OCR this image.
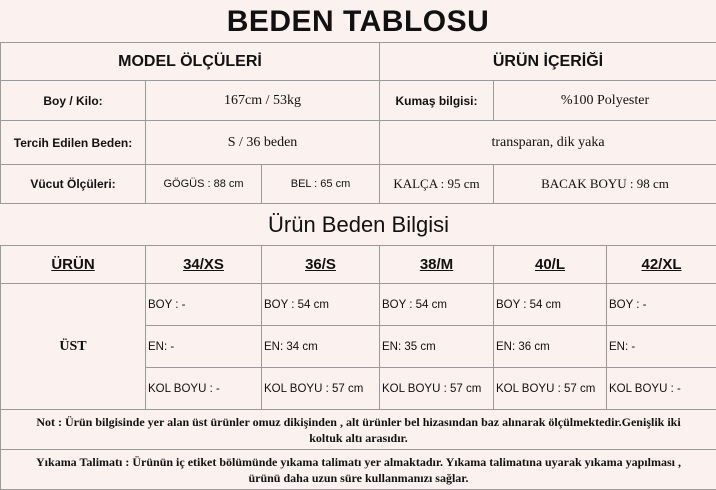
BEDEN TABLOSU
MODEL ÖLÇÜLERİ			ÜRÜN İÇERİĞİ		
Boy / Kilo:	167cm / 53kg		Kumaş bilgisi:	%100 Polyester	
Tercih Edilen Beden:	S / 36 beden		transparan, dik yaka		
Vücut Ölçüleri:	GÖGÜS : 88 cm	BEL : 65 cm	KALÇA : 95 cm	BACAK BOYU : 98 cm	
Ürün Beden Bilgisi					
ÜRÜN	34/XS	36/S	38/M	40/L	42/XL
ÜST	BOY : -	BOY : 54 cm	BOY : 54 cm	BOY : 54 cm	BOY : -
	EN: -	EN: 34 cm	EN: 35 cm	EN: 36 cm	EN: -
	KOL BOYU : -	KOL BOYU : 57 cm	KOL BOYU : 57 cm	KOL BOYU : 57 cm	KOL BOYU : -
Not : Ürün bilgisinde yer alan üst ürünler omuz dikişinden , alt ürünler bel hizasından baz alınarak ölçülmektedir.Genişlik iki koltuk altı arasıdır.					
Yıkama Talimatı : Ürünün iç etiket bölümünde yıkama talimatı yer almaktadır. Yıkama talimatına uyarak yıkama yapılması , ürünü daha uzun süre kullanmanızı sağlar.					
